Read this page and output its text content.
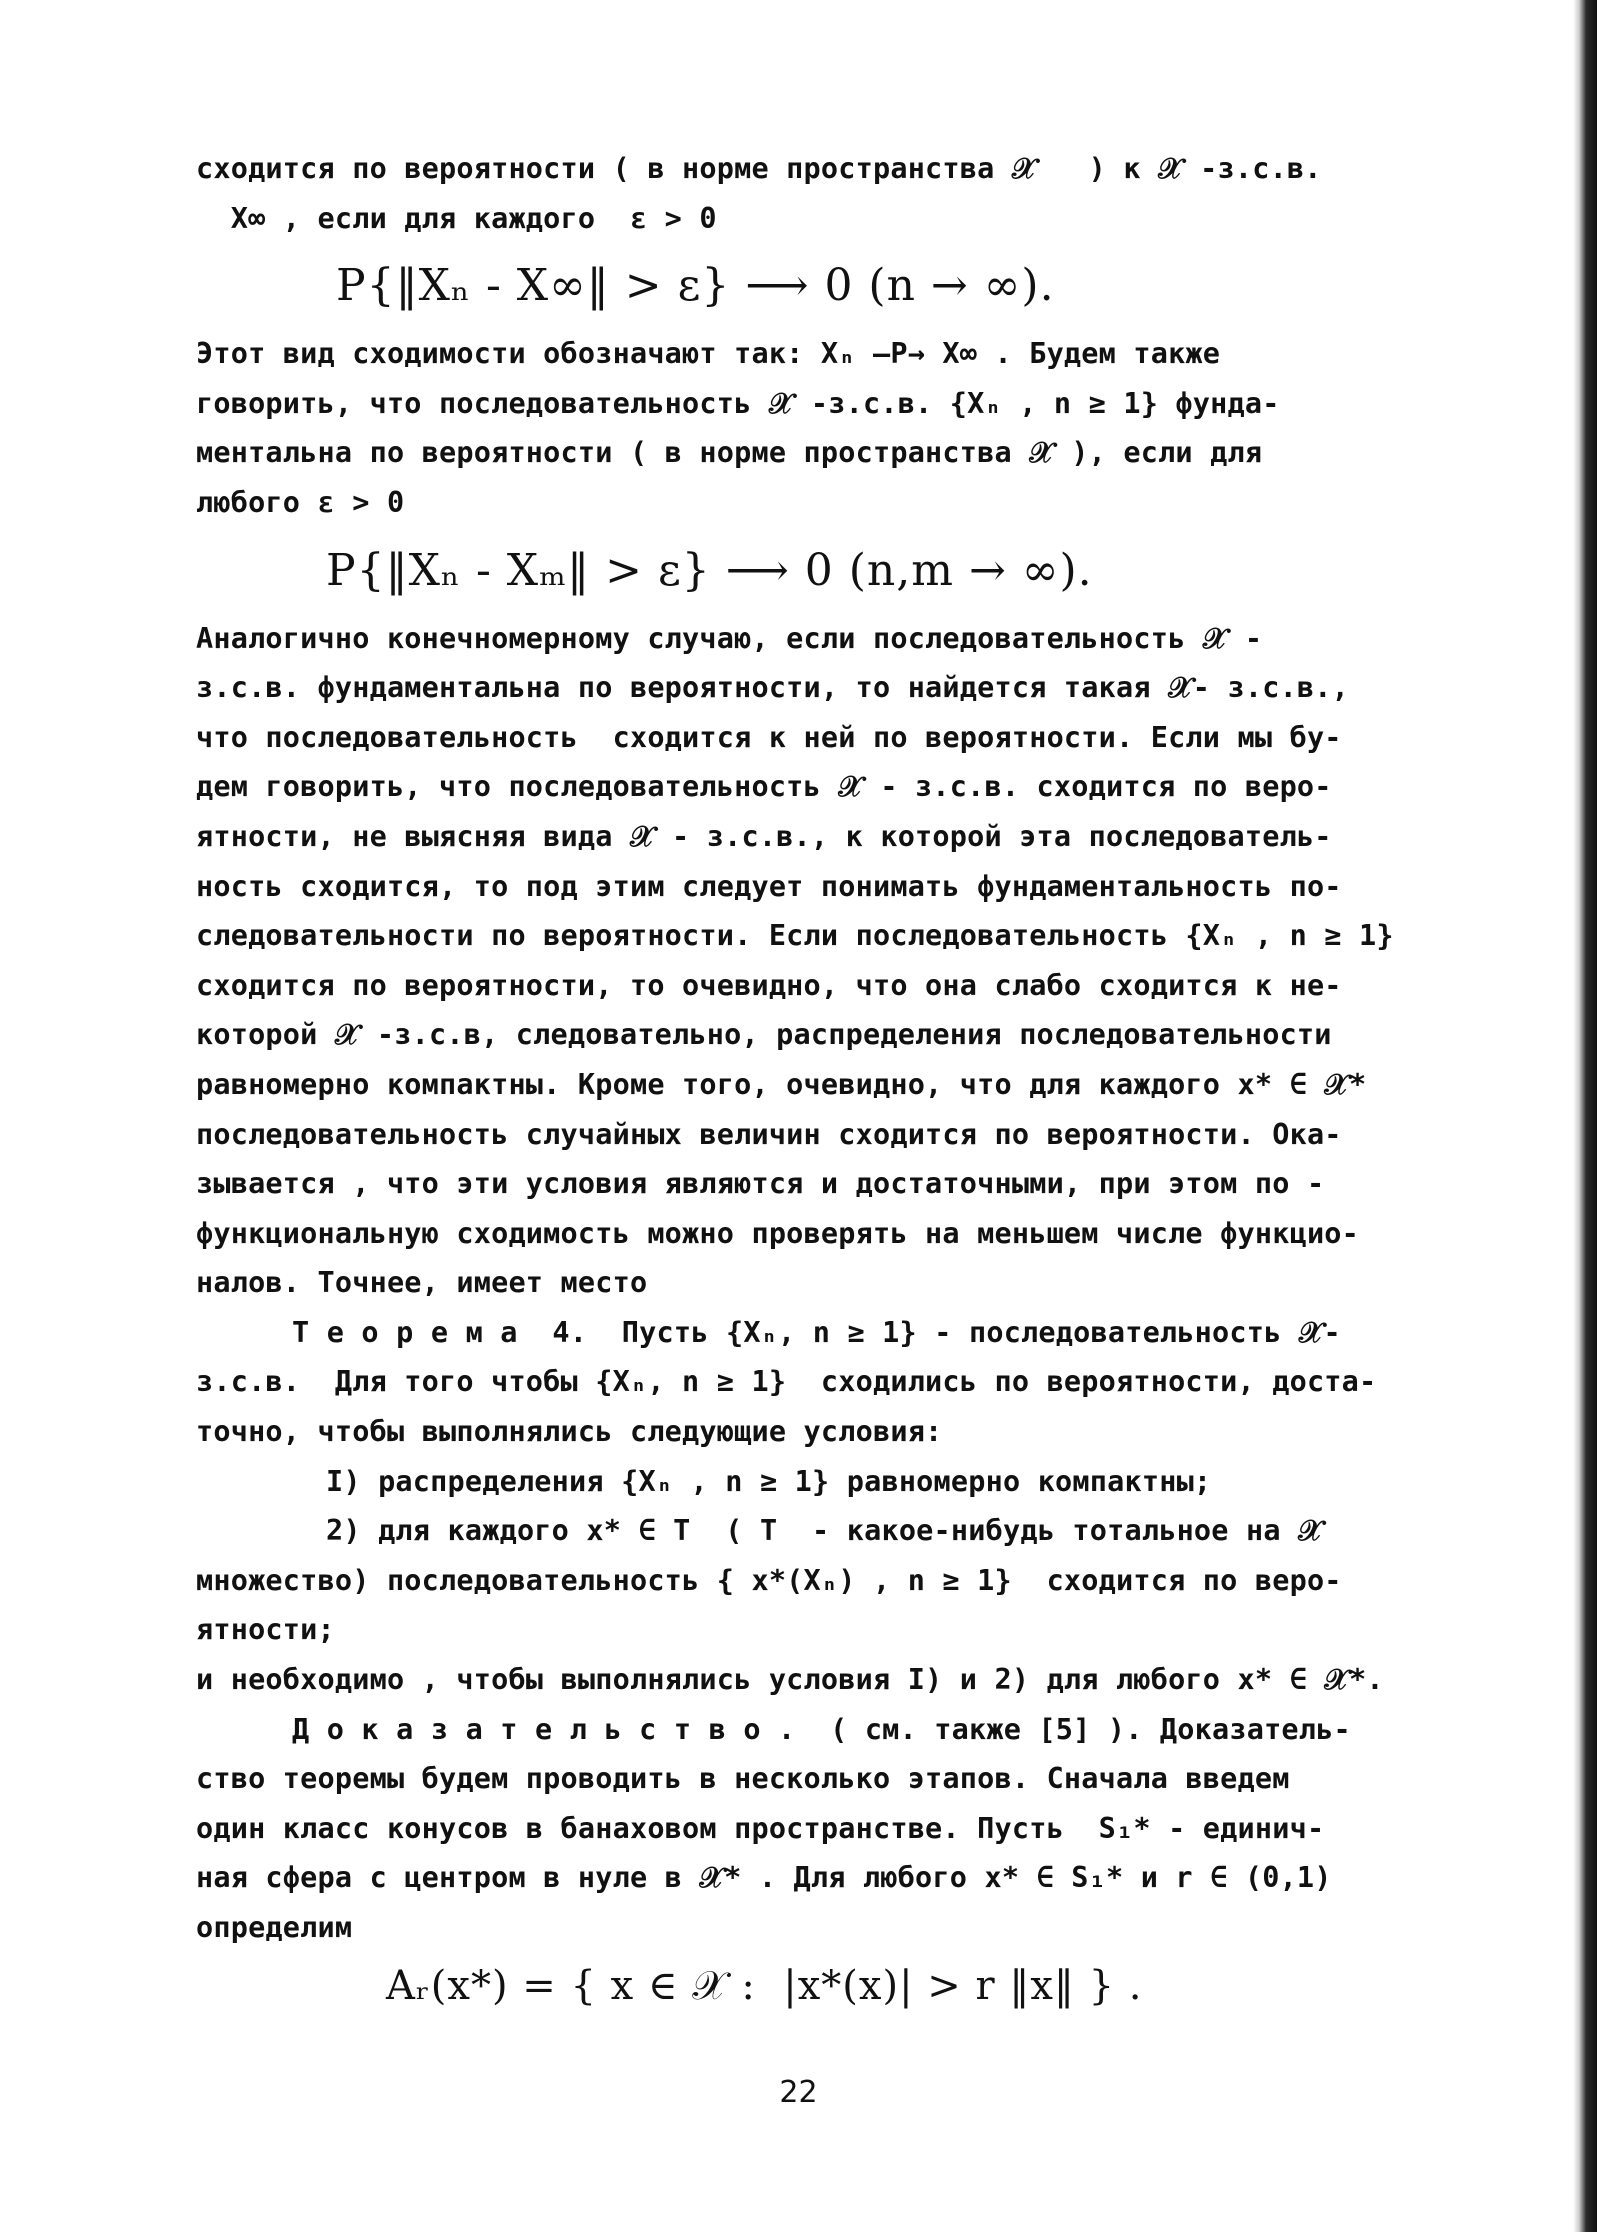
сходится по вероятности ( в норме пространства 𝒳   ) к 𝒳 -з.с.в.
X∞ , если для каждого  ε > 0
P{‖Xₙ - X∞‖ > ε} ⟶ 0 (n → ∞).
Этот вид сходимости обозначают так: Xₙ —P→ X∞ . Будем также
говорить, что последовательность 𝒳 -з.с.в. {Xₙ , n ≥ 1} фунда-
ментальна по вероятности ( в норме пространства 𝒳 ), если для
любого ε > 0
P{‖Xₙ - Xₘ‖ > ε} ⟶ 0 (n,m → ∞).
Аналогично конечномерному случаю, если последовательность 𝒳 -
з.с.в. фундаментальна по вероятности, то найдется такая 𝒳- з.с.в.,
что последовательность  сходится к ней по вероятности. Если мы бу-
дем говорить, что последовательность 𝒳 - з.с.в. сходится по веро-
ятности, не выясняя вида 𝒳 - з.с.в., к которой эта последователь-
ность сходится, то под этим следует понимать фундаментальность по-
следовательности по вероятности. Если последовательность {Xₙ , n ≥ 1}
сходится по вероятности, то очевидно, что она слабо сходится к не-
которой 𝒳 -з.с.в, следовательно, распределения последовательности
равномерно компактны. Кроме того, очевидно, что для каждого x* ∈ 𝒳*
последовательность случайных величин сходится по вероятности. Ока-
зывается , что эти условия являются и достаточными, при этом по -
функциональную сходимость можно проверять на меньшем числе функцио-
налов. Точнее, имеет место
Т е о р е м а  4.  Пусть {Xₙ, n ≥ 1} - последовательность 𝒳-
з.с.в.  Для того чтобы {Xₙ, n ≥ 1}  сходились по вероятности, доста-
точно, чтобы выполнялись следующие условия:
I) распределения {Xₙ , n ≥ 1} равномерно компактны;
2) для каждого x* ∈ T  ( T  - какое-нибудь тотальное на 𝒳
множество) последовательность { x*(Xₙ) , n ≥ 1}  сходится по веро-
ятности;
и необходимо , чтобы выполнялись условия I) и 2) для любого x* ∈ 𝒳*.
Д о к а з а т е л ь с т в о .  ( см. также [5] ). Доказатель-
ство теоремы будем проводить в несколько этапов. Сначала введем
один класс конусов в банаховом пространстве. Пусть  S₁* - единич-
ная сфера с центром в нуле в 𝒳* . Для любого x* ∈ S₁* и r ∈ (0,1)
определим
Aᵣ(x*) = { x ∈ 𝒳 :  |x*(x)| > r ‖x‖ } .
22
